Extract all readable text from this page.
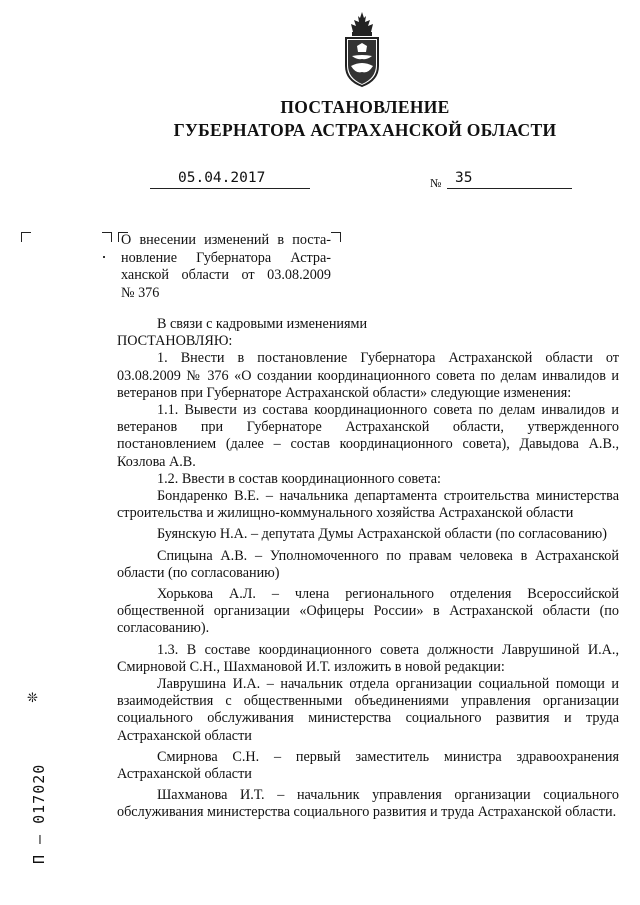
ПОСТАНОВЛЕНИЕ
ГУБЕРНАТОРА АСТРАХАНСКОЙ ОБЛАСТИ
05.04.2017	№ 35
О внесении изменений в поста-
новление Губернатора Астра-
ханской области от 03.08.2009
№ 376

В связи с кадровыми изменениями

ПОСТАНОВЛЯЮ:

1. Внести в постановление Губернатора Астраханской области от 03.08.2009 № 376 «О создании координационного совета по делам инвалидов и ветеранов при Губернаторе Астраханской области» следующие изменения:

1.1. Вывести из состава координационного совета по делам инвалидов и ветеранов при Губернаторе Астраханской области, утвержденного постановлением (далее – состав координационного совета), Давыдова А.В., Козлова А.В.

1.2. Ввести в состав координационного совета:

Бондаренко В.Е. – начальника департамента строительства министерства строительства и жилищно-коммунального хозяйства Астраханской области

Буянскую Н.А. – депутата Думы Астраханской области (по согласованию)

Спицына А.В. – Уполномоченного по правам человека в Астраханской области (по согласованию)

Хорькова А.Л. – члена регионального отделения Всероссийской общественной организации «Офицеры России» в Астраханской области (по согласованию).

1.3. В составе координационного совета должности Лаврушиной И.А., Смирновой С.Н., Шахмановой И.Т. изложить в новой редакции:

Лаврушина И.А. – начальник отдела организации социальной помощи и взаимодействия с общественными объединениями управления организации социального обслуживания министерства социального развития и труда Астраханской области

Смирнова С.Н. – первый заместитель министра здравоохранения Астраханской области

Шахманова И.Т. – начальник управления организации социального обслуживания министерства социального развития и труда Астраханской области.

❊
П – 017020
